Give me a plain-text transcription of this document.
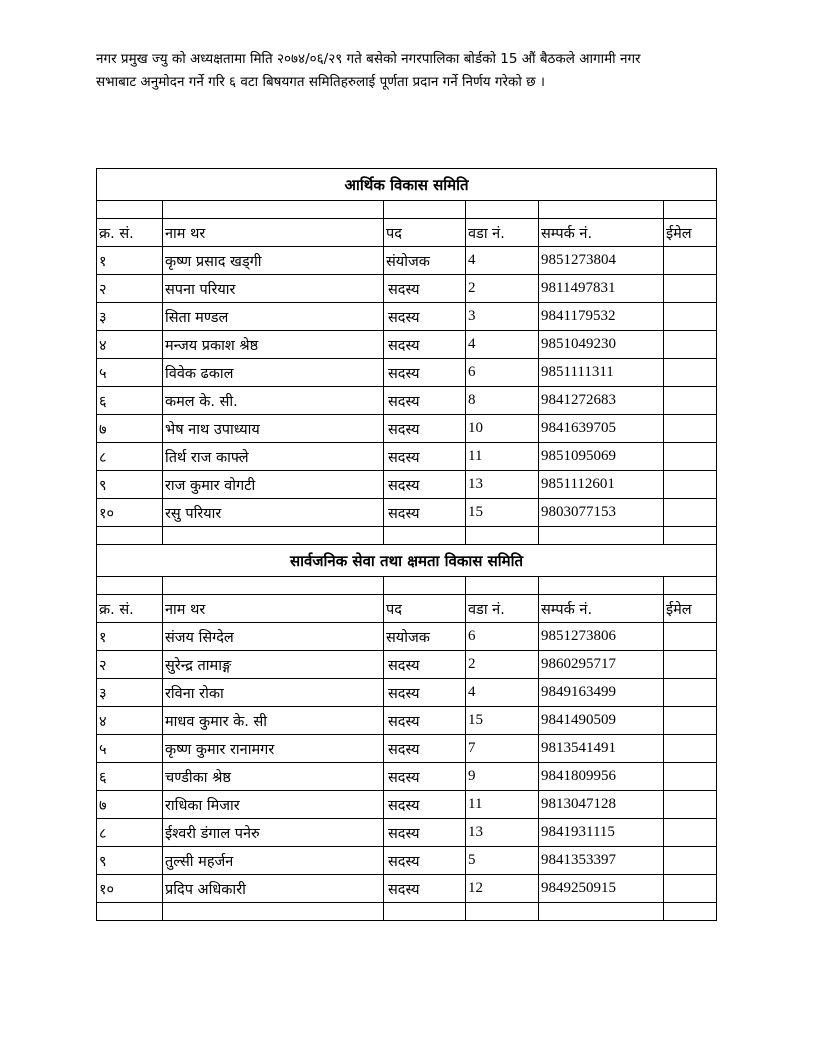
नगर प्रमुख ज्यु को अध्यक्षतामा मिति २०७४/०६/२९ गते बसेको नगरपालिका बोर्डको 15 औं बैठकले आगामी नगर

सभाबाट अनुमोदन गर्ने गरि ६ वटा बिषयगत समितिहरुलाई पूर्णता प्रदान गर्ने निर्णय गरेको छ ।

आर्थिक विकास समिति					

क्र. सं.	नाम थर	पद	वडा नं.	सम्पर्क नं.	ईमेल
१	कृष्ण प्रसाद खड्गी	संयोजक	4	9851273804	
२	सपना परियार	सदस्य	2	9811497831	
३	सिता मण्डल	सदस्य	3	9841179532	
४	मन्जय प्रकाश श्रेष्ठ	सदस्य	4	9851049230	
५	विवेक ढकाल	सदस्य	6	9851111311	
६	कमल के. सी.	सदस्य	8	9841272683	
७	भेष नाथ उपाध्याय	सदस्य	10	9841639705	
८	तिर्थ राज काफ्ले	सदस्य	11	9851095069	
९	राज कुमार वोगटी	सदस्य	13	9851112601	
१०	रसु परियार	सदस्य	15	9803077153	

सार्वजनिक सेवा तथा क्षमता विकास समिति					

क्र. सं.	नाम थर	पद	वडा नं.	सम्पर्क नं.	ईमेल
१	संजय सिग्देल	सयोजक	6	9851273806	
२	सुरेन्द्र तामाङ्ग	सदस्य	2	9860295717	
३	रविना रोका	सदस्य	4	9849163499	
४	माधव कुमार के. सी	सदस्य	15	9841490509	
५	कृष्ण कुमार रानामगर	सदस्य	7	9813541491	
६	चण्डीका श्रेष्ठ	सदस्य	9	9841809956	
७	राधिका मिजार	सदस्य	11	9813047128	
८	ईश्वरी डंगाल पनेरु	सदस्य	13	9841931115	
९	तुल्सी महर्जन	सदस्य	5	9841353397	
१०	प्रदिप अधिकारी	सदस्य	12	9849250915	
